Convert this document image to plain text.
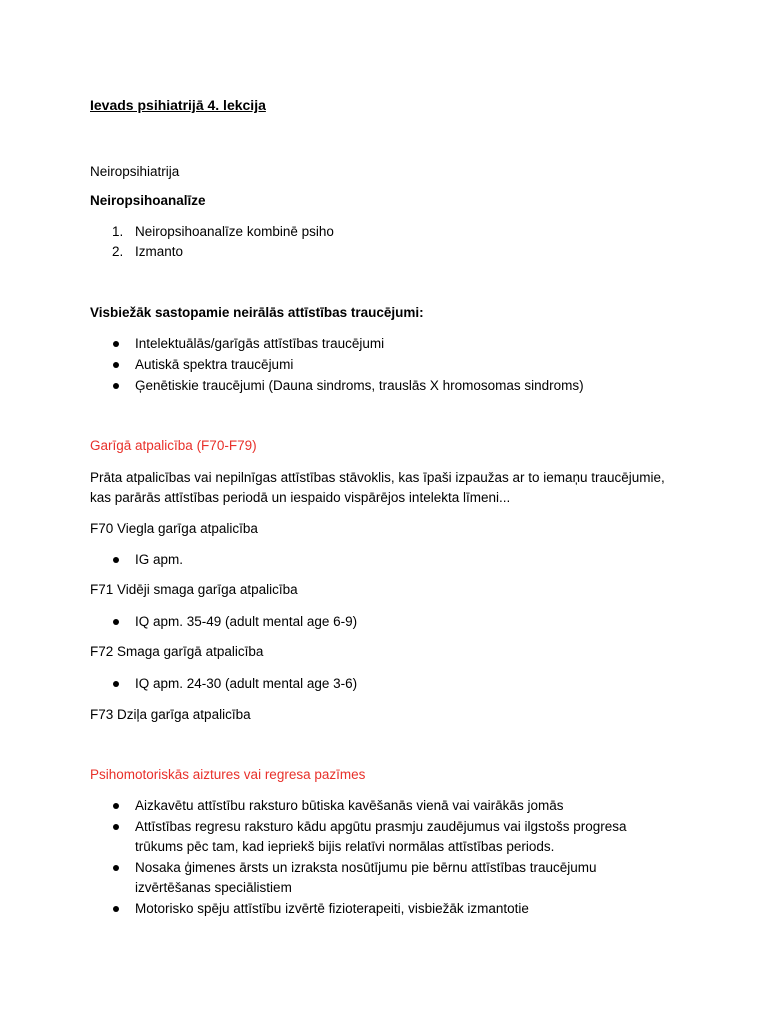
Ievads psihiatrijā 4. lekcija
Neiropsihiatrija
Neiropsihoanalīze
1. Neiropsihoanalīze kombinē psiho
2. Izmanto
Visbiežāk sastopamie neirālās attīstības traucējumi:
Intelektuālās/garīgās attīstības traucējumi
Autiskā spektra traucējumi
Ģenētiskie traucējumi (Dauna sindroms, trauslās X hromosomas sindroms)
Garīgā atpalicība (F70-F79)
Prāta atpalicības vai nepilnīgas attīstības stāvoklis, kas īpaši izpaužas ar to iemaņu traucējumie,
kas parārās attīstības periodā un iespaido vispārējos intelekta līmeni...
F70 Viegla garīga atpalicība
IG apm.
F71 Vidēji smaga garīga atpalicība
IQ apm. 35-49 (adult mental age 6-9)
F72 Smaga garīgā atpalicība
IQ apm. 24-30 (adult mental age 3-6)
F73 Dziļa garīga atpalicība
Psihomotoriskās aiztures vai regresa pazīmes
Aizkavētu attīstību raksturo būtiska kavēšanās vienā vai vairākās jomās
Attīstības regresu raksturo kādu apgūtu prasmju zaudējumus vai ilgstošs progresa trūkums pēc tam, kad iepriekš bijis relatīvi normālas attīstības periods.
Nosaka ģimenes ārsts un izraksta nosūtījumu pie bērnu attīstības traucējumu izvērtēšanas speciālistiem
Motorisko spēju attīstību izvērtē fizioterapeiti, visbiežāk izmantotie
